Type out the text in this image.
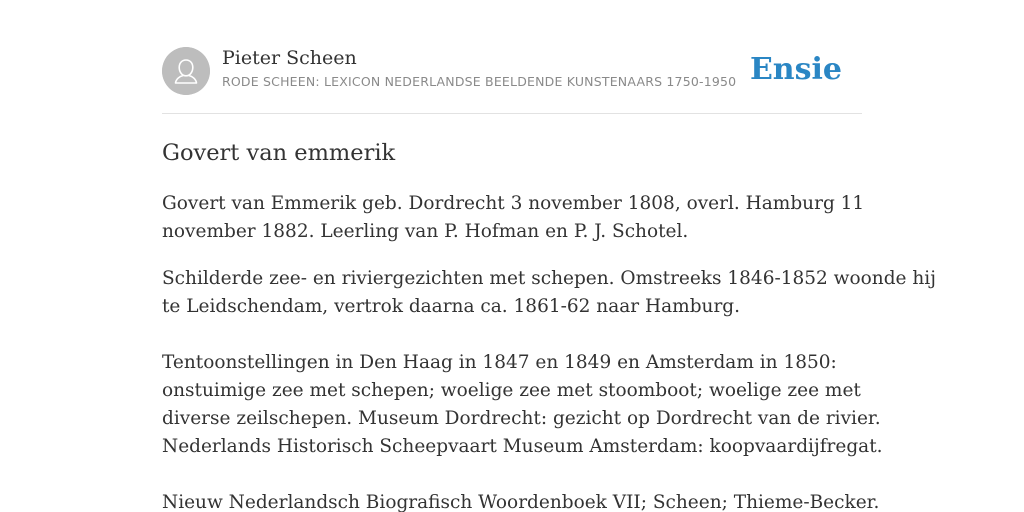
Pieter Scheen
RODE SCHEEN: LEXICON NEDERLANDSE BEELDENDE KUNSTENAARS 1750-1950 Ensie
Govert van emmerik

Govert van Emmerik geb. Dordrecht 3 november 1808, overl. Hamburg 11
november 1882. Leerling van P. Hofman en P. J. Schotel.

Schilderde zee- en riviergezichten met schepen. Omstreeks 1846-1852 woonde hij
te Leidschendam, vertrok daarna ca. 1861-62 naar Hamburg.

Tentoonstellingen in Den Haag in 1847 en 1849 en Amsterdam in 1850:
onstuimige zee met schepen; woelige zee met stoomboot; woelige zee met
diverse zeilschepen. Museum Dordrecht: gezicht op Dordrecht van de rivier.
Nederlands Historisch Scheepvaart Museum Amsterdam: koopvaardijfregat.

Nieuw Nederlandsch Biografisch Woordenboek VII; Scheen; Thieme-Becker.
